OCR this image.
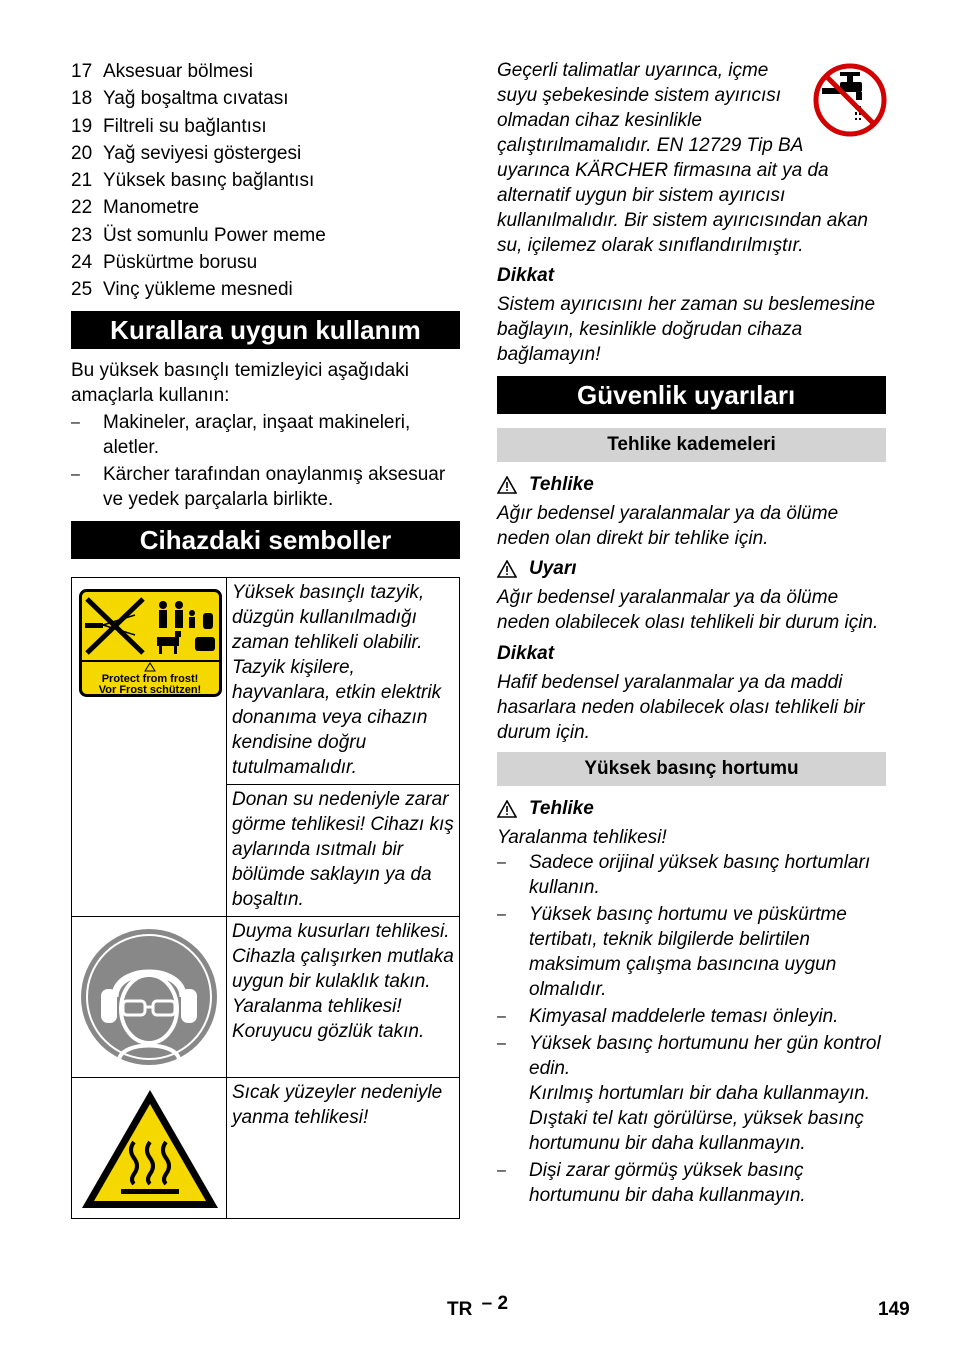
17 Aksesuar bölmesi
18 Yağ boşaltma cıvatası
19 Filtreli su bağlantısı
20 Yağ seviyesi göstergesi
21 Yüksek basınç bağlantısı
22 Manometre
23 Üst somunlu Power meme
24 Püskürtme borusu
25 Vinç yükleme mesnedi
Kurallara uygun kullanım

Bu yüksek basınçlı temizleyici aşağıdaki amaçlarla kullanın:

–	Makineler, araçlar, inşaat makineleri, aletler.
–	Kärcher tarafından onaylanmış aksesuar ve yedek parçalarla birlikte.
Cihazdaki semboller
Protect from frost!
Vor Frost schützen!	Yüksek basınçlı tazyik, düzgün kullanılmadığı zaman tehlikeli olabilir. Tazyik kişilere, hayvanlara, etkin elektrik donanıma veya cihazın kendisine doğru tutulmamalıdır.
	Donan su nedeniyle zarar görme tehlikesi! Cihazı kış aylarında ısıtmalı bir bölümde saklayın ya da boşaltın.

Duyma kusurları tehlikesi. Cihazla çalışırken mutlaka uygun bir kulaklık takın.

Yaralanma tehlikesi! Koruyucu gözlük takın.

	Sıcak yüzeyler nedeniyle yanma tehlikesi!

Geçerli talimatlar uyarınca, içme suyu şebekesinde sistem ayırıcısı olmadan cihaz kesinlikle çalıştırılmamalıdır. EN 12729 Tip BA uyarınca KÄRCHER firmasına ait ya da alternatif uygun bir sistem ayırıcısı kullanılmalıdır. Bir sistem ayırıcısından akan su, içilemez olarak sınıflandırılmıştır.

Dikkat

Sistem ayırıcısını her zaman su beslemesine bağlayın, kesinlikle doğrudan cihaza bağlamayın!

Güvenlik uyarıları
Tehlike kademeleri
Tehlike

Ağır bedensel yaralanmalar ya da ölüme neden olan direkt bir tehlike için.

Uyarı

Ağır bedensel yaralanmalar ya da ölüme neden olabilecek olası tehlikeli bir durum için.

Dikkat

Hafif bedensel yaralanmalar ya da maddi hasarlara neden olabilecek olası tehlikeli bir durum için.

Yüksek basınç hortumu
Tehlike

Yaralanma tehlikesi!

–	Sadece orijinal yüksek basınç hortumları kullanın.
–	Yüksek basınç hortumu ve püskürtme tertibatı, teknik bilgilerde belirtilen maksimum çalışma basıncına uygun olmalıdır.
–	Kimyasal maddelerle teması önleyin.
–	Yüksek basınç hortumunu her gün kontrol edin.

Kırılmış hortumları bir daha kullanmayın.

Dıştaki tel katı görülürse, yüksek basınç hortumunu bir daha kullanmayın.

–	Dişi zarar görmüş yüksek basınç hortumunu bir daha kullanmayın.
TR – 2	149
